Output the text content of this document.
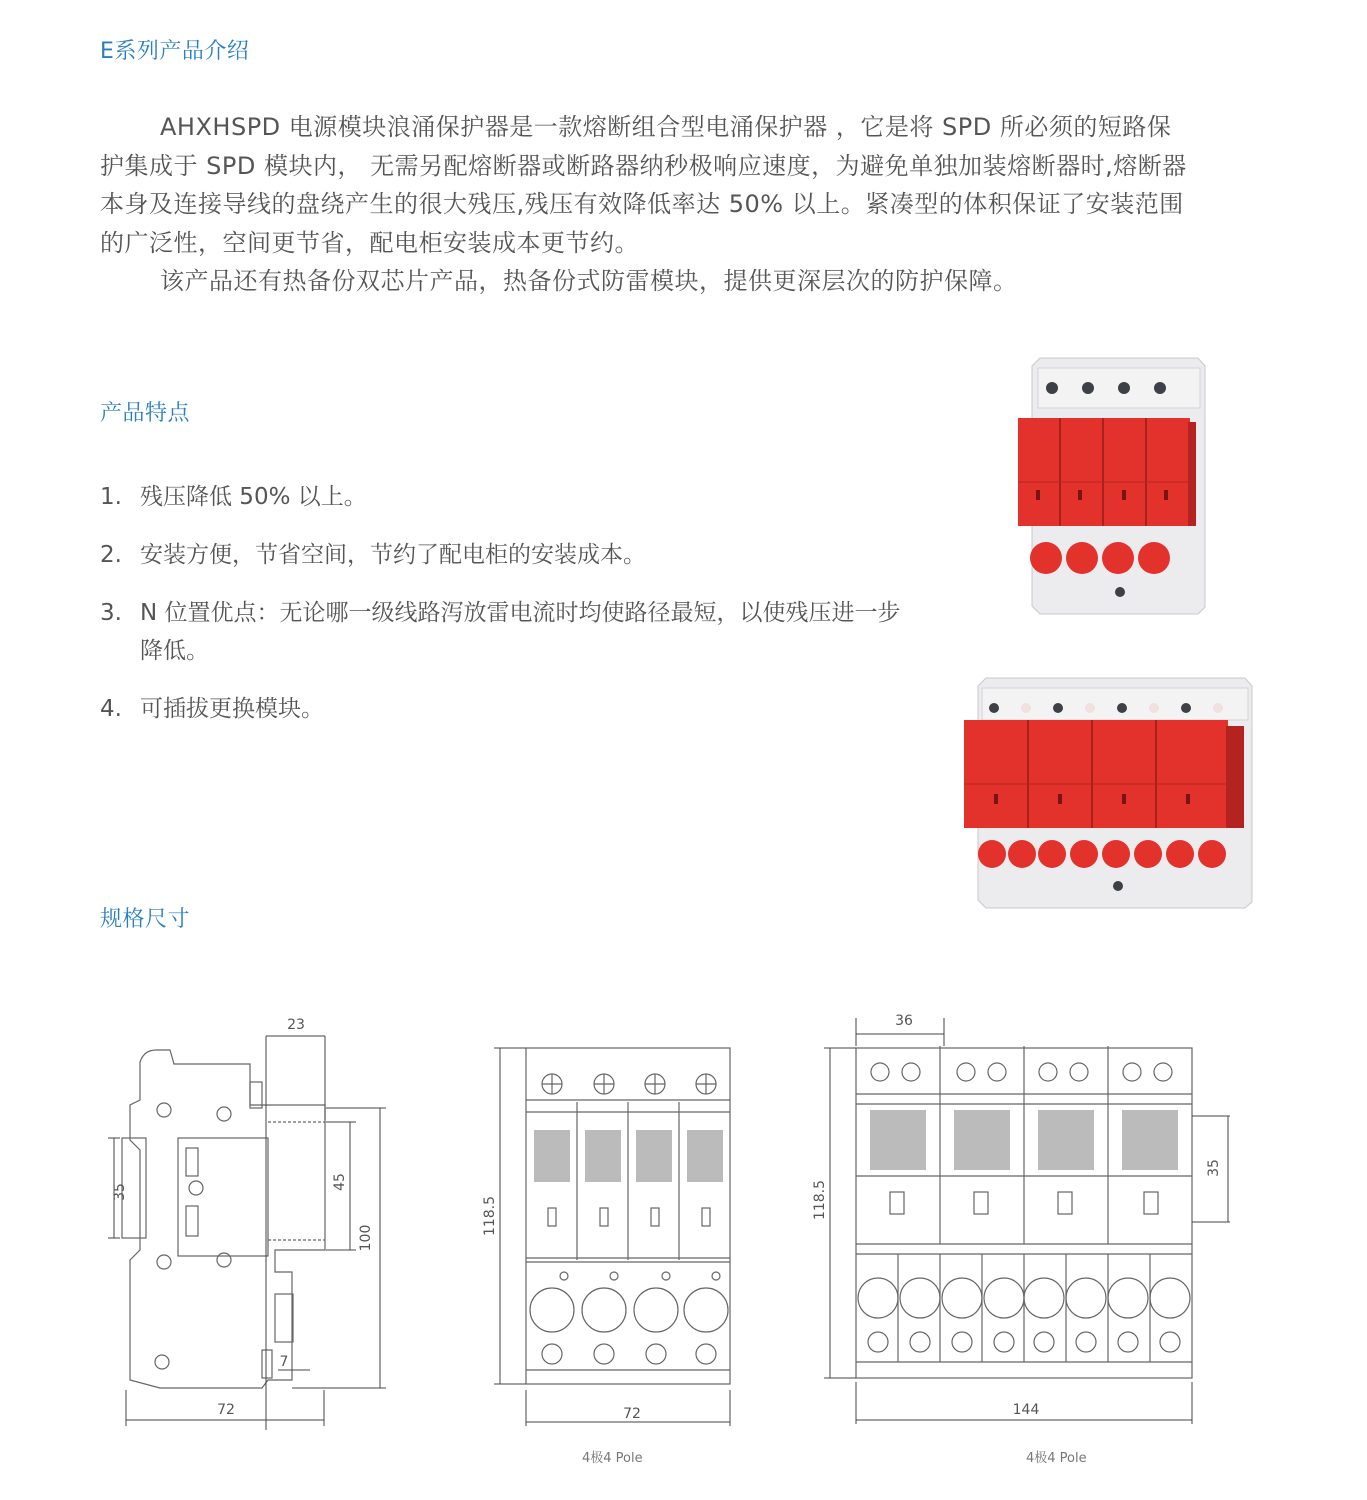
E系列产品介绍

AHXHSPD 电源模块浪涌保护器是一款熔断组合型电涌保护器 ，它是将 SPD 所必须的短路保护集成于 SPD 模块内， 无需另配熔断器或断路器纳秒极响应速度，为避免单独加装熔断器时,熔断器本身及连接导线的盘绕产生的很大残压,残压有效降低率达 50% 以上。紧凑型的体积保证了安装范围的广泛性，空间更节省，配电柜安装成本更节约。

该产品还有热备份双芯片产品，热备份式防雷模块，提供更深层次的防护保障。

产品特点
1. 残压降低 50% 以上。
2. 安装方便，节省空间，节约了配电柜的安装成本。
3. N 位置优点：无论哪一级线路泻放雷电流时均使路径最短，以使残压进一步降低。
4. 可插拔更换模块。
规格尺寸
23
35
45
100
7
72
118.5
72
4极4 Pole
36
118.5
35
144
4极4 Pole
